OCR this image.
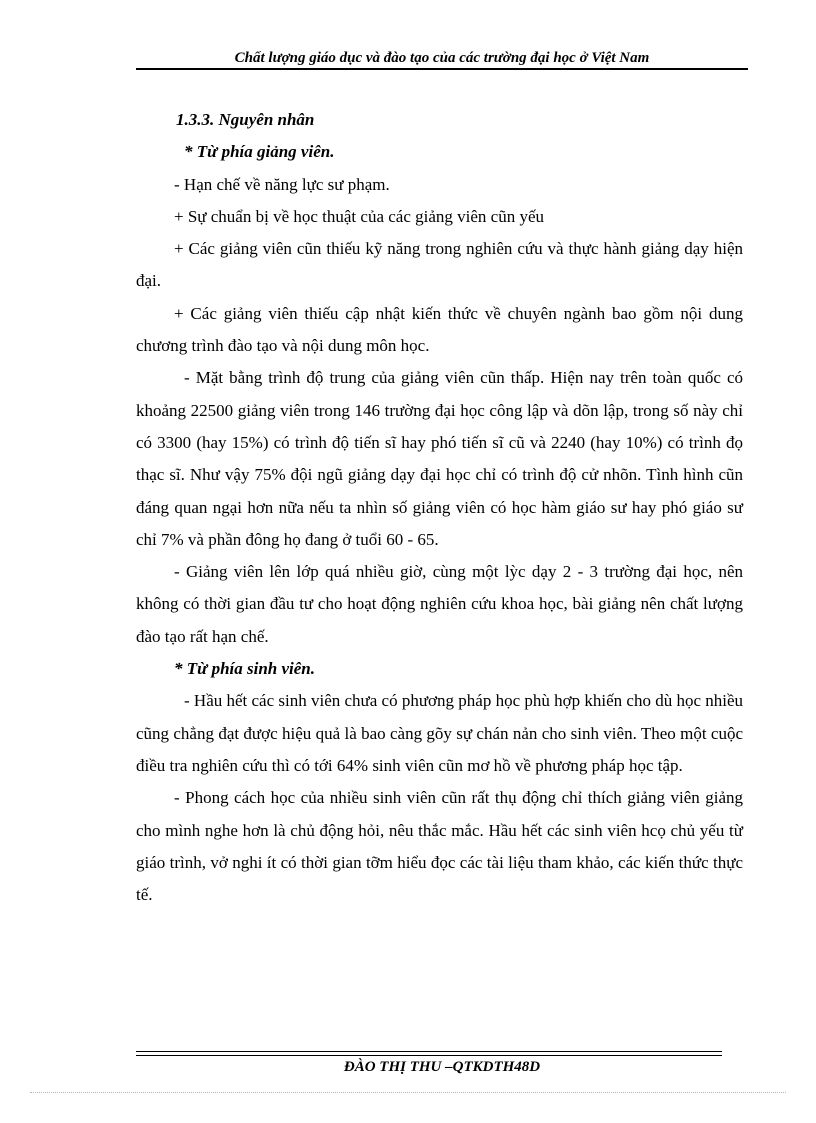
Chất lượng giáo dục và đào tạo của các trường đại học ở Việt Nam

1.3.3. Nguyên nhân

* Từ phía giảng viên.

- Hạn chế về năng lực sư phạm.

+ Sự chuẩn bị về học thuật của các giảng viên cũn yếu

+ Các giảng viên cũn thiếu kỹ năng trong nghiên cứu và thực hành giảng dạy hiện đại.

+ Các giảng viên thiếu cập nhật kiến thức về chuyên ngành bao gồm nội dung chương trình đào tạo và nội dung môn học.

- Mặt bằng trình độ trung của giảng viên cũn thấp. Hiện nay trên toàn quốc có khoảng 22500 giảng viên trong 146 trường đại học công lập và dõn lập, trong số này chỉ có 3300 (hay 15%) có trình độ tiến sĩ hay phó tiến sĩ cũ và 2240 (hay 10%) có trình đọ thạc sĩ. Như vậy 75% đội ngũ giảng dạy đại học chỉ có trình độ cử nhõn. Tình hình cũn đáng quan ngại hơn nữa nếu ta nhìn số giảng viên có học hàm giáo sư hay phó giáo sư chỉ 7% và phần đông họ đang ở tuổi 60 - 65.

- Giảng viên lên lớp quá nhiều giờ, cùng một lỳc dạy 2 - 3 trường đại học, nên không có thời gian đầu tư cho hoạt động nghiên cứu khoa học, bài giảng nên chất lượng đào tạo rất hạn chế.

* Từ phía sinh viên.

- Hầu hết các sinh viên chưa có phương pháp học phù hợp khiến cho dù học nhiều cũng chẳng đạt được hiệu quả là bao càng gõy sự chán nản cho sinh viên. Theo một cuộc điều tra nghiên cứu thì có tới 64% sinh viên cũn mơ hồ về phương pháp học tập.

- Phong cách học của nhiều sinh viên cũn rất thụ động chỉ thích giảng viên giảng cho mình nghe hơn là chủ động hỏi, nêu thắc mắc. Hầu hết các sinh viên hcọ chủ yếu từ giáo trình, vở nghi ít có thời gian tỡm hiểu đọc các tài liệu tham khảo, các kiến thức thực tế.

ĐÀO THỊ THU –QTKDTH48D
